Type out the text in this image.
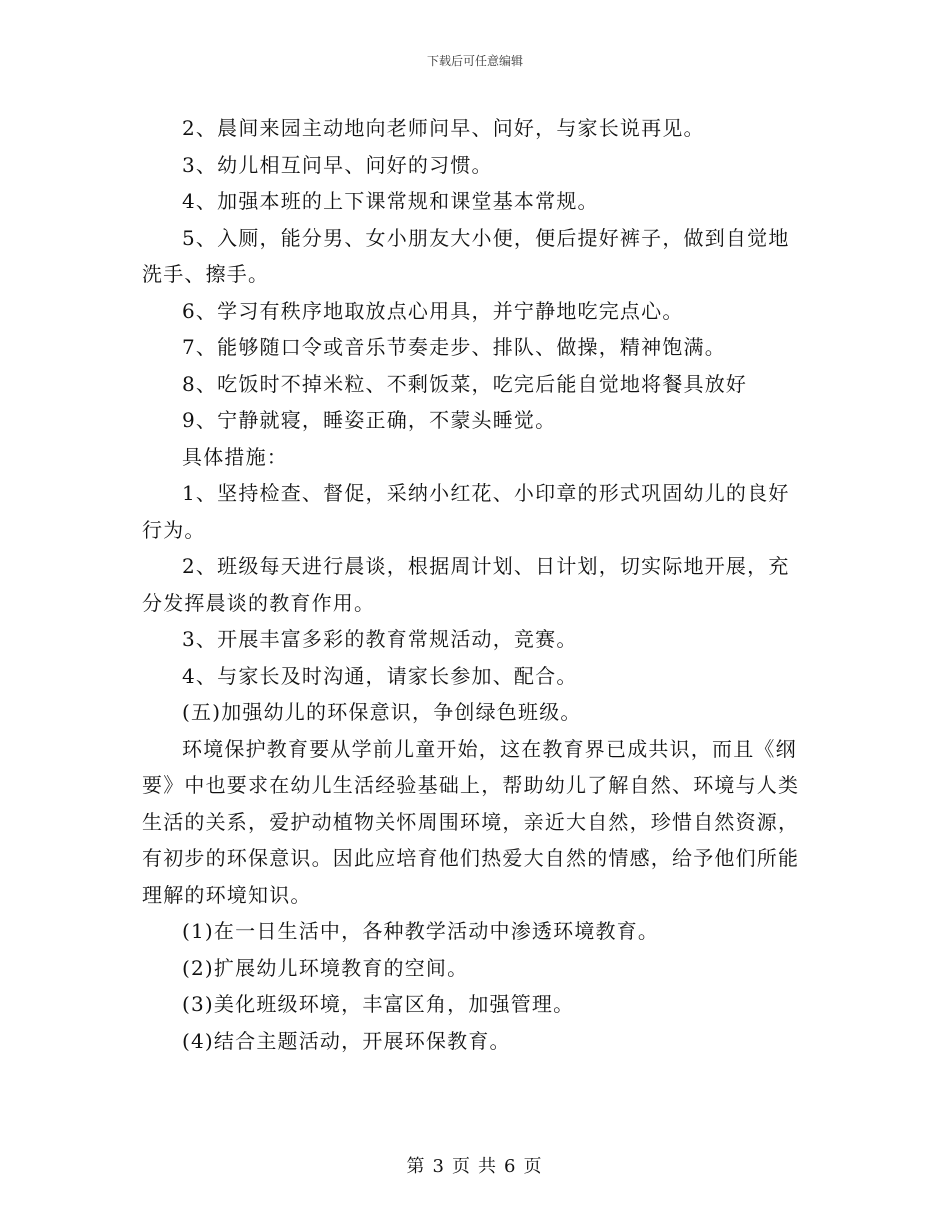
下载后可任意编辑

2、晨间来园主动地向老师问早、问好，与家长说再见。

3、幼儿相互问早、问好的习惯。

4、加强本班的上下课常规和课堂基本常规。

5、入厕，能分男、女小朋友大小便，便后提好裤子，做到自觉地洗手、擦手。

6、学习有秩序地取放点心用具，并宁静地吃完点心。

7、能够随口令或音乐节奏走步、排队、做操，精神饱满。

8、吃饭时不掉米粒、不剩饭菜，吃完后能自觉地将餐具放好

9、宁静就寝，睡姿正确，不蒙头睡觉。

具体措施：

1、坚持检查、督促，采纳小红花、小印章的形式巩固幼儿的良好行为。

2、班级每天进行晨谈，根据周计划、日计划，切实际地开展，充分发挥晨谈的教育作用。

3、开展丰富多彩的教育常规活动，竞赛。

4、与家长及时沟通，请家长参加、配合。

(五)加强幼儿的环保意识，争创绿色班级。

环境保护教育要从学前儿童开始，这在教育界已成共识，而且《纲要》中也要求在幼儿生活经验基础上，帮助幼儿了解自然、环境与人类生活的关系，爱护动植物关怀周围环境，亲近大自然，珍惜自然资源，有初步的环保意识。因此应培育他们热爱大自然的情感，给予他们所能理解的环境知识。

(1)在一日生活中，各种教学活动中渗透环境教育。

(2)扩展幼儿环境教育的空间。

(3)美化班级环境，丰富区角，加强管理。

(4)结合主题活动，开展环保教育。

第 3 页 共 6 页
